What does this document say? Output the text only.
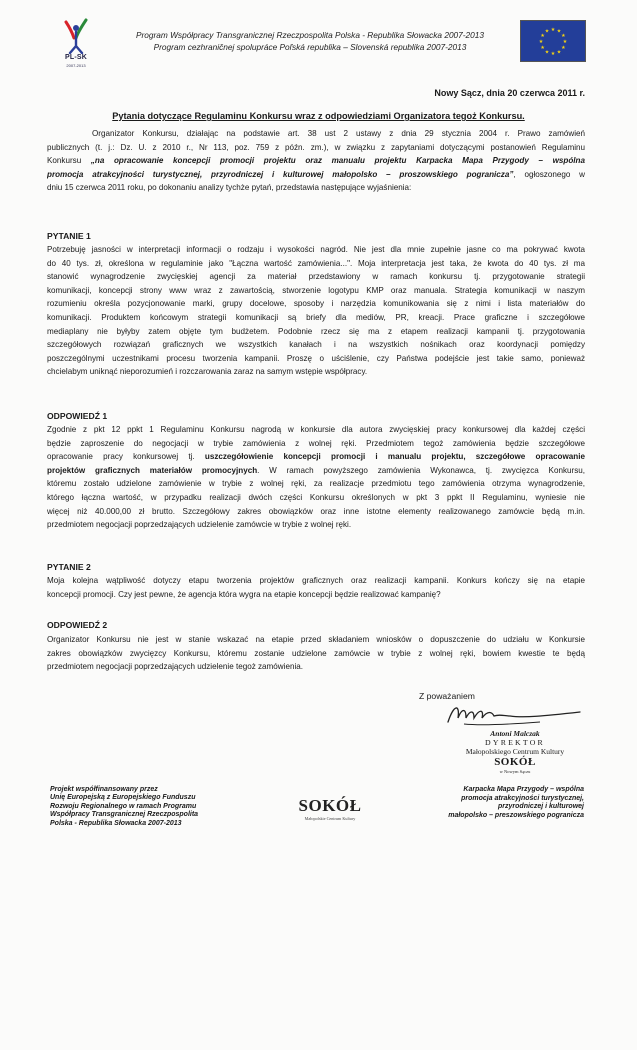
PL-SK
2007-2013
Program Współpracy Transgranicznej Rzeczpospolita Polska - Republika Słowacka 2007-2013
Program cezhraničnej spolupráce Poľská republika – Slovenská republika 2007-2013
★ ★
★
★
★
★
★
★
★
★
★
★
Nowy Sącz, dnia 20 czerwca 2011 r.
Pytania dotyczące Regulaminu Konkursu wraz z odpowiedziami Organizatora tegoż Konkursu.
Organizator Konkursu, działając na podstawie art. 38 ust 2 ustawy z dnia 29 stycznia 2004 r. Prawo zamówień
publicznych (t. j.: Dz. U. z 2010 r., Nr 113, poz. 759 z późn. zm.), w związku z zapytaniami dotyczącymi postanowień Regulaminu
Konkursu „na opracowanie koncepcji promocji projektu oraz manualu projektu Karpacka Mapa Przygody – wspólna
promocja atrakcyjności turystycznej, przyrodniczej i kulturowej małopolsko – proszowskiego pogranicza”, ogłoszonego w
dniu 15 czerwca 2011 roku, po dokonaniu analizy tychże pytań, przedstawia następujące wyjaśnienia:
PYTANIE 1
Potrzebuję jasności w interpretacji informacji o rodzaju i wysokości nagród. Nie jest dla mnie zupełnie jasne co ma pokrywać kwota
do 40 tys. zł, określona w regulaminie jako "Łączna wartość zamówienia...". Moja interpretacja jest taka, że kwota do 40 tys. zł ma
stanowić wynagrodzenie zwycięskiej agencji za materiał przedstawiony w ramach konkursu tj. przygotowanie strategii
komunikacji, koncepcji strony www wraz z zawartością, stworzenie logotypu KMP oraz manuala. Strategia komunikacji w naszym
rozumieniu określa pozycjonowanie marki, grupy docelowe, sposoby i narzędzia komunikowania się z nimi i lista materiałów do
komunikacji. Produktem końcowym strategii komunikacji są briefy dla mediów, PR, kreacji. Prace graficzne i szczegółowe
mediaplany nie byłyby zatem objęte tym budżetem. Podobnie rzecz się ma z etapem realizacji kampanii tj. przygotowania
szczegółowych rozwiązań graficznych we wszystkich kanałach i na wszystkich nośnikach oraz koordynacji pomiędzy
poszczególnymi uczestnikami procesu tworzenia kampanii. Proszę o uściślenie, czy Państwa podejście jest takie samo, ponieważ
chcielabym uniknąć nieporozumień i rozczarowania zaraz na samym wstępie współpracy.
ODPOWIEDŹ 1
Zgodnie z pkt 12 ppkt 1 Regulaminu Konkursu nagrodą w konkursie dla autora zwycięskiej pracy konkursowej dla każdej części
będzie zaproszenie do negocjacji w trybie zamówienia z wolnej ręki. Przedmiotem tegoż zamówienia będzie szczegółowe
opracowanie pracy konkursowej tj. uszczegółowienie koncepcji promocji i manualu projektu, szczegółowe opracowanie
projektów graficznych materiałów promocyjnych. W ramach powyższego zamówienia Wykonawca, tj. zwycięzca Konkursu,
któremu zostało udzielone zamówienie w trybie z wolnej ręki, za realizacje przedmiotu tego zamówienia otrzyma wynagrodzenie,
którego łączna wartość, w przypadku realizacji dwóch części Konkursu określonych w pkt 3 ppkt II Regulaminu, wyniesie nie
więcej niż 40.000,00 zł brutto. Szczegółowy zakres obowiązków oraz inne istotne elementy realizowanego zamówcie będą m.in.
przedmiotem negocjacji poprzedzających udzielenie zamówcie w trybie z wolnej ręki.
PYTANIE 2
Moja kolejna wątpliwość dotyczy etapu tworzenia projektów graficznych oraz realizacji kampanii. Konkurs kończy się na etapie
koncepcji promocji. Czy jest pewne, że agencja która wygra na etapie koncepcji będzie realizować kampanię?
ODPOWIEDŹ 2
Organizator Konkursu nie jest w stanie wskazać na etapie przed składaniem wniosków o dopuszczenie do udziału w Konkursie
zakres obowiązków zwycięzcy Konkursu, któremu zostanie udzielone zamówcie w trybie z wolnej ręki, bowiem kwestie te będą
przedmiotem negocjacji poprzedzających udzielenie tegoż zamówienia.
Z poważaniem
Antoni Malczak
DYREKTOR
Małopolskiego Centrum Kultury
SOKÓŁ
w Nowym Sączu
Projekt współfinansowany przez
Unię Europejską z Europejskiego Funduszu
Rozwoju Regionalnego w ramach Programu
Współpracy Transgranicznej Rzeczpospolita
Polska - Republika Słowacka 2007-2013
SOKÓŁ
Małopolskie Centrum Kultury
Karpacka Mapa Przygody – wspólna
promocja atrakcyjności turystycznej,
przyrodniczej i kulturowej
małopolsko – preszowskiego pogranicza
